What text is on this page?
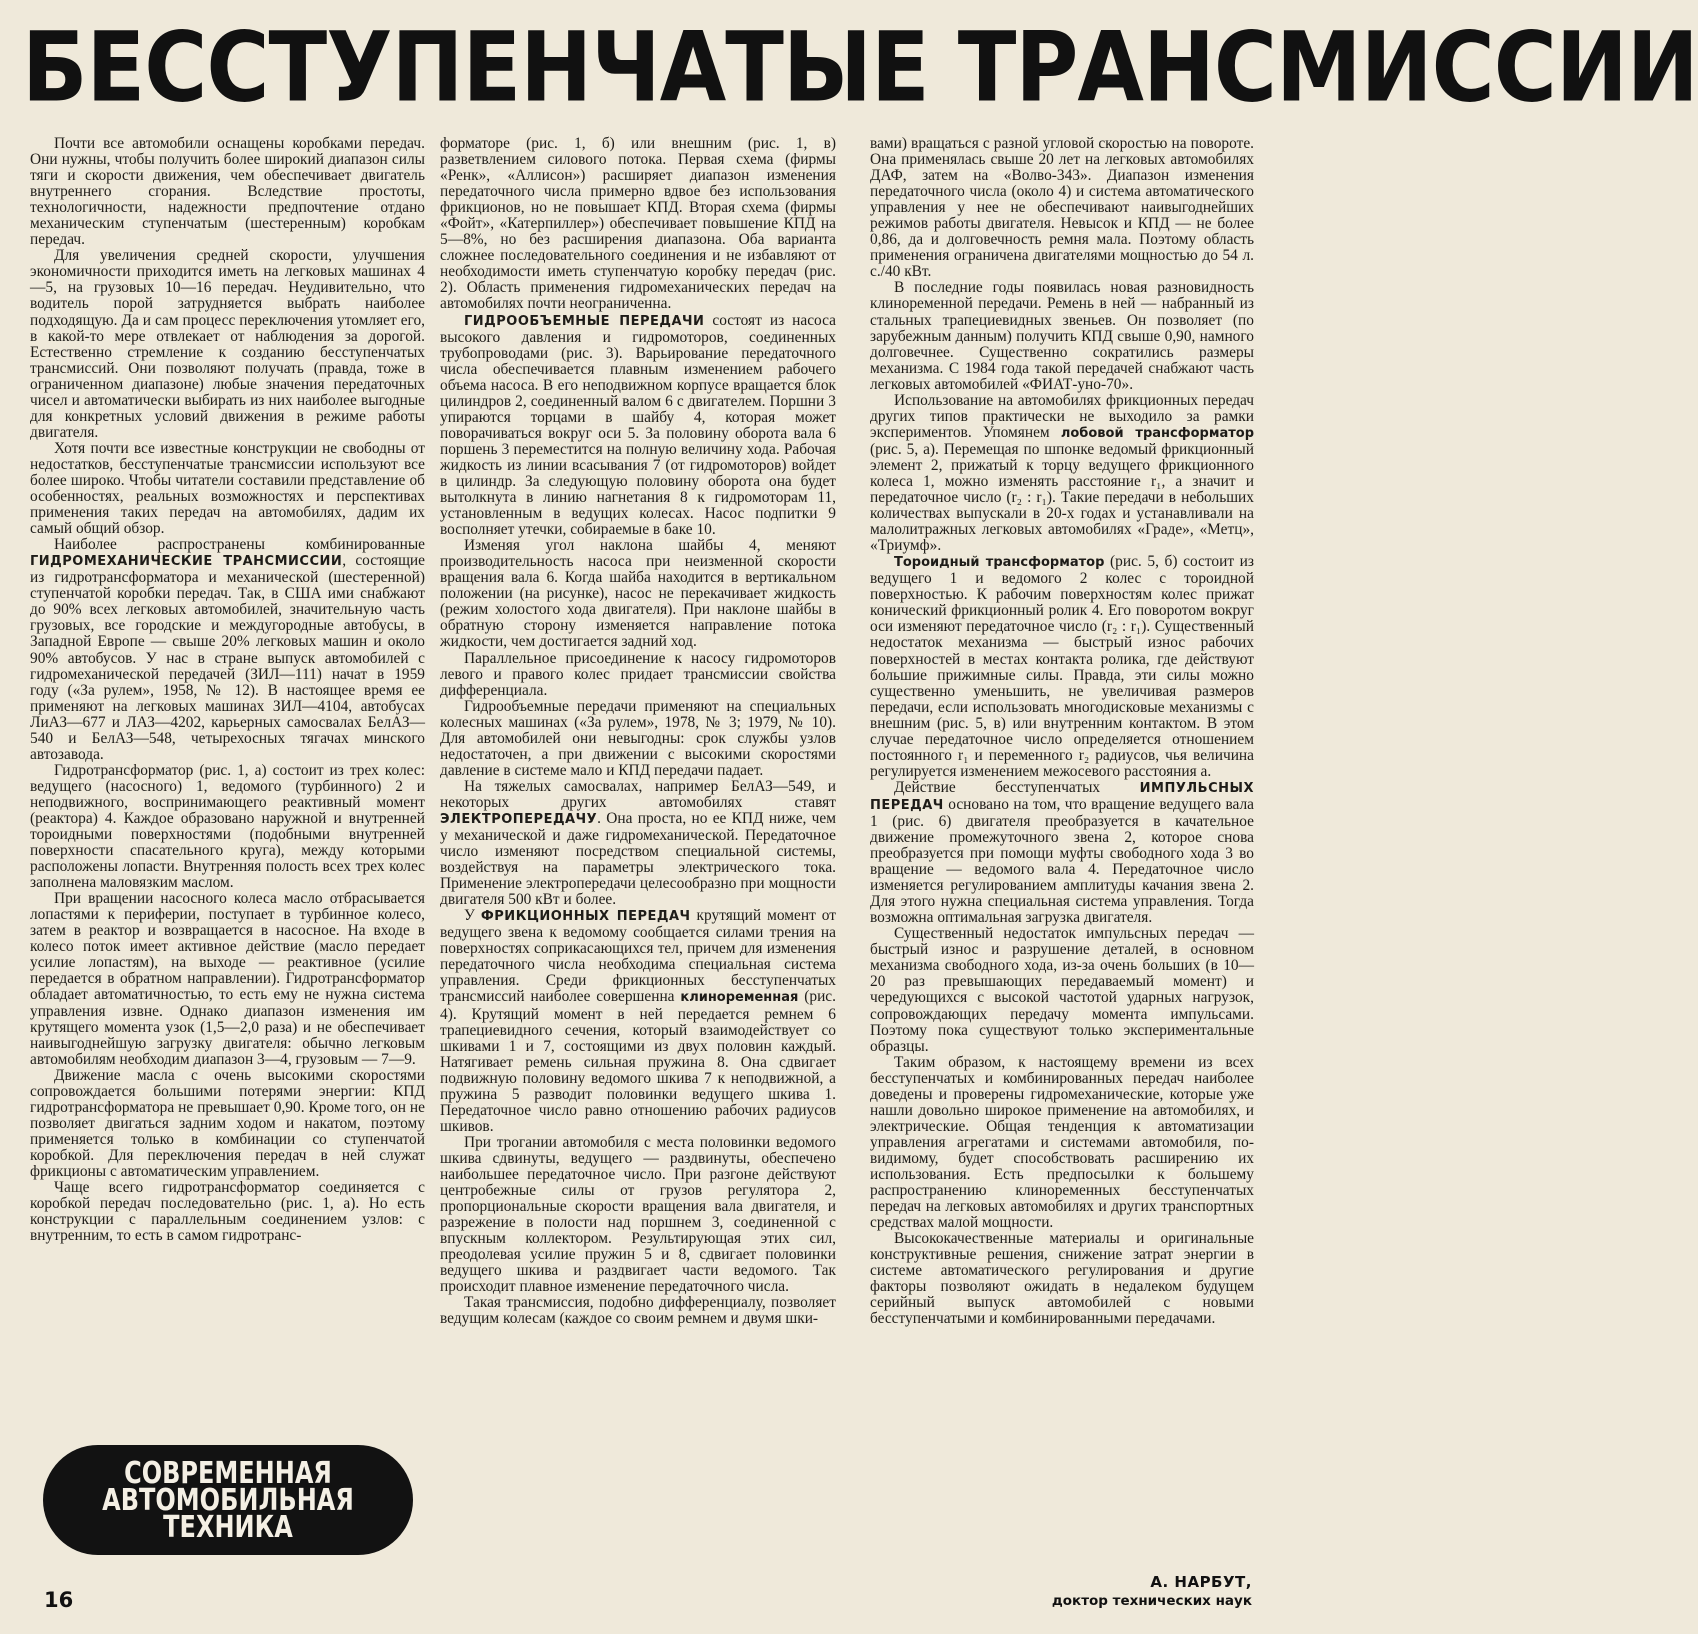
БЕССТУПЕНЧАТЫЕ ТРАНСМИССИИ

Почти все автомобили оснащены коробками передач. Они нужны, чтобы получить более широкий диапазон силы тяги и скорости движения, чем обеспечивает двигатель внутреннего сгорания. Вследствие простоты, технологичности, надежности предпочтение отдано механическим ступенчатым (шестеренным) коробкам передач.

Для увеличения средней скорости, улучшения экономичности приходится иметь на легковых машинах 4—5, на грузовых 10—16 передач. Неудивительно, что водитель порой затрудняется выбрать наиболее подходящую. Да и сам процесс переключения утомляет его, в какой-то мере отвлекает от наблюдения за дорогой. Естественно стремление к созданию бесступенчатых трансмиссий. Они позволяют получать (правда, тоже в ограниченном диапазоне) любые значения передаточных чисел и автоматически выбирать из них наиболее выгодные для конкретных условий движения в режиме работы двигателя.

Хотя почти все известные конструкции не свободны от недостатков, бесступенчатые трансмиссии используют все более широко. Чтобы читатели составили представление об особенностях, реальных возможностях и перспективах применения таких передач на автомобилях, дадим их самый общий обзор.

Наиболее распространены комбинированные ГИДРОМЕХАНИЧЕСКИЕ ТРАНСМИССИИ, состоящие из гидротрансформатора и механической (шестеренной) ступенчатой коробки передач. Так, в США ими снабжают до 90% всех легковых автомобилей, значительную часть грузовых, все городские и междугородные автобусы, в Западной Европе — свыше 20% легковых машин и около 90% автобусов. У нас в стране выпуск автомобилей с гидромеханической передачей (ЗИЛ—111) начат в 1959 году («За рулем», 1958, № 12). В настоящее время ее применяют на легковых машинах ЗИЛ—4104, автобусах ЛиАЗ—677 и ЛАЗ—4202, карьерных самосвалах БелАЗ—540 и БелАЗ—548, четырехосных тягачах минского автозавода.

Гидротрансформатор (рис. 1, а) состоит из трех колес: ведущего (насосного) 1, ведомого (турбинного) 2 и неподвижного, воспринимающего реактивный момент (реактора) 4. Каждое образовано наружной и внутренней тороидными поверхностями (подобными внутренней поверхности спасательного круга), между которыми расположены лопасти. Внутренняя полость всех трех колес заполнена маловязким маслом.

При вращении насосного колеса масло отбрасывается лопастями к периферии, поступает в турбинное колесо, затем в реактор и возвращается в насосное. На входе в колесо поток имеет активное действие (масло передает усилие лопастям), на выходе — реактивное (усилие передается в обратном направлении). Гидротрансформатор обладает автоматичностью, то есть ему не нужна система управления извне. Однако диапазон изменения им крутящего момента узок (1,5—2,0 раза) и не обеспечивает наивыгоднейшую загрузку двигателя: обычно легковым автомобилям необходим диапазон 3—4, грузовым — 7—9.

Движение масла с очень высокими скоростями сопровождается большими потерями энергии: КПД гидротрансформатора не превышает 0,90. Кроме того, он не позволяет двигаться задним ходом и накатом, поэтому применяется только в комбинации со ступенчатой коробкой. Для переключения передач в ней служат фрикционы с автоматическим управлением.

Чаще всего гидротрансформатор соединяется с коробкой передач последовательно (рис. 1, а). Но есть конструкции с параллельным соединением узлов: с внутренним, то есть в самом гидротранс-

форматоре (рис. 1, б) или внешним (рис. 1, в) разветвлением силового потока. Первая схема (фирмы «Ренк», «Аллисон») расширяет диапазон изменения передаточного числа примерно вдвое без использования фрикционов, но не повышает КПД. Вторая схема (фирмы «Фойт», «Катерпиллер») обеспечивает повышение КПД на 5—8%, но без расширения диапазона. Оба варианта сложнее последовательного соединения и не избавляют от необходимости иметь ступенчатую коробку передач (рис. 2). Область применения гидромеханических передач на автомобилях почти неограниченна.

ГИДРООБЪЕМНЫЕ ПЕРЕДАЧИ состоят из насоса высокого давления и гидромоторов, соединенных трубопроводами (рис. 3). Варьирование передаточного числа обеспечивается плавным изменением рабочего объема насоса. В его неподвижном корпусе вращается блок цилиндров 2, соединенный валом 6 с двигателем. Поршни 3 упираются торцами в шайбу 4, которая может поворачиваться вокруг оси 5. За половину оборота вала 6 поршень 3 переместится на полную величину хода. Рабочая жидкость из линии всасывания 7 (от гидромоторов) войдет в цилиндр. За следующую половину оборота она будет вытолкнута в линию нагнетания 8 к гидромоторам 11, установленным в ведущих колесах. Насос подпитки 9 восполняет утечки, собираемые в баке 10.

Изменяя угол наклона шайбы 4, меняют производительность насоса при неизменной скорости вращения вала 6. Когда шайба находится в вертикальном положении (на рисунке), насос не перекачивает жидкость (режим холостого хода двигателя). При наклоне шайбы в обратную сторону изменяется направление потока жидкости, чем достигается задний ход.

Параллельное присоединение к насосу гидромоторов левого и правого колес придает трансмиссии свойства дифференциала.

Гидрообъемные передачи применяют на специальных колесных машинах («За рулем», 1978, № 3; 1979, № 10). Для автомобилей они невыгодны: срок службы узлов недостаточен, а при движении с высокими скоростями давление в системе мало и КПД передачи падает.

На тяжелых самосвалах, например БелАЗ—549, и некоторых других автомобилях ставят ЭЛЕКТРОПЕРЕДАЧУ. Она проста, но ее КПД ниже, чем у механической и даже гидромеханической. Передаточное число изменяют посредством специальной системы, воздействуя на параметры электрического тока. Применение электропередачи целесообразно при мощности двигателя 500 кВт и более.

У ФРИКЦИОННЫХ ПЕРЕДАЧ крутящий момент от ведущего звена к ведомому сообщается силами трения на поверхностях соприкасающихся тел, причем для изменения передаточного числа необходима специальная система управления. Среди фрикционных бесступенчатых трансмиссий наиболее совершенна клиноременная (рис. 4). Крутящий момент в ней передается ремнем 6 трапециевидного сечения, который взаимодействует со шкивами 1 и 7, состоящими из двух половин каждый. Натягивает ремень сильная пружина 8. Она сдвигает подвижную половину ведомого шкива 7 к неподвижной, а пружина 5 разводит половинки ведущего шкива 1. Передаточное число равно отношению рабочих радиусов шкивов.

При трогании автомобиля с места половинки ведомого шкива сдвинуты, ведущего — раздвинуты, обеспечено наибольшее передаточное число. При разгоне действуют центробежные силы от грузов регулятора 2, пропорциональные скорости вращения вала двигателя, и разрежение в полости над поршнем 3, соединенной с впускным коллектором. Результирующая этих сил, преодолевая усилие пружин 5 и 8, сдвигает половинки ведущего шкива и раздвигает части ведомого. Так происходит плавное изменение передаточного числа.

Такая трансмиссия, подобно дифференциалу, позволяет ведущим колесам (каждое со своим ремнем и двумя шки-

вами) вращаться с разной угловой скоростью на повороте. Она применялась свыше 20 лет на легковых автомобилях ДАФ, затем на «Волво-343». Диапазон изменения передаточного числа (около 4) и система автоматического управления у нее не обеспечивают наивыгоднейших режимов работы двигателя. Невысок и КПД — не более 0,86, да и долговечность ремня мала. Поэтому область применения ограничена двигателями мощностью до 54 л. с./40 кВт.

В последние годы появилась новая разновидность клиноременной передачи. Ремень в ней — набранный из стальных трапециевидных звеньев. Он позволяет (по зарубежным данным) получить КПД свыше 0,90, намного долговечнее. Существенно сократились размеры механизма. С 1984 года такой передачей снабжают часть легковых автомобилей «ФИАТ-уно-70».

Использование на автомобилях фрикционных передач других типов практически не выходило за рамки экспериментов. Упомянем лобовой трансформатор (рис. 5, а). Перемещая по шпонке ведомый фрикционный элемент 2, прижатый к торцу ведущего фрикционного колеса 1, можно изменять расстояние r₁, а значит и передаточное число (r₂ : r₁). Такие передачи в небольших количествах выпускали в 20-х годах и устанавливали на малолитражных легковых автомобилях «Граде», «Метц», «Триумф».

Тороидный трансформатор (рис. 5, б) состоит из ведущего 1 и ведомого 2 колес с тороидной поверхностью. К рабочим поверхностям колес прижат конический фрикционный ролик 4. Его поворотом вокруг оси изменяют передаточное число (r₂ : r₁). Существенный недостаток механизма — быстрый износ рабочих поверхностей в местах контакта ролика, где действуют большие прижимные силы. Правда, эти силы можно существенно уменьшить, не увеличивая размеров передачи, если использовать многодисковые механизмы с внешним (рис. 5, в) или внутренним контактом. В этом случае передаточное число определяется отношением постоянного r₁ и переменного r₂ радиусов, чья величина регулируется изменением межосевого расстояния a.

Действие бесступенчатых ИМПУЛЬСНЫХ ПЕРЕДАЧ основано на том, что вращение ведущего вала 1 (рис. 6) двигателя преобразуется в качательное движение промежуточного звена 2, которое снова преобразуется при помощи муфты свободного хода 3 во вращение — ведомого вала 4. Передаточное число изменяется регулированием амплитуды качания звена 2. Для этого нужна специальная система управления. Тогда возможна оптимальная загрузка двигателя.

Существенный недостаток импульсных передач — быстрый износ и разрушение деталей, в основном механизма свободного хода, из-за очень больших (в 10—20 раз превышающих передаваемый момент) и чередующихся с высокой частотой ударных нагрузок, сопровождающих передачу момента импульсами. Поэтому пока существуют только экспериментальные образцы.

Таким образом, к настоящему времени из всех бесступенчатых и комбинированных передач наиболее доведены и проверены гидромеханические, которые уже нашли довольно широкое применение на автомобилях, и электрические. Общая тенденция к автоматизации управления агрегатами и системами автомобиля, по-видимому, будет способствовать расширению их использования. Есть предпосылки к большему распространению клиноременных бесступенчатых передач на легковых автомобилях и других транспортных средствах малой мощности.

Высококачественные материалы и оригинальные конструктивные решения, снижение затрат энергии в системе автоматического регулирования и другие факторы позволяют ожидать в недалеком будущем серийный выпуск автомобилей с новыми бесступенчатыми и комбинированными передачами.

СОВРЕМЕННАЯ
АВТОМОБИЛЬНАЯ
ТЕХНИКА
А. НАРБУТ,
доктор технических наук
16
